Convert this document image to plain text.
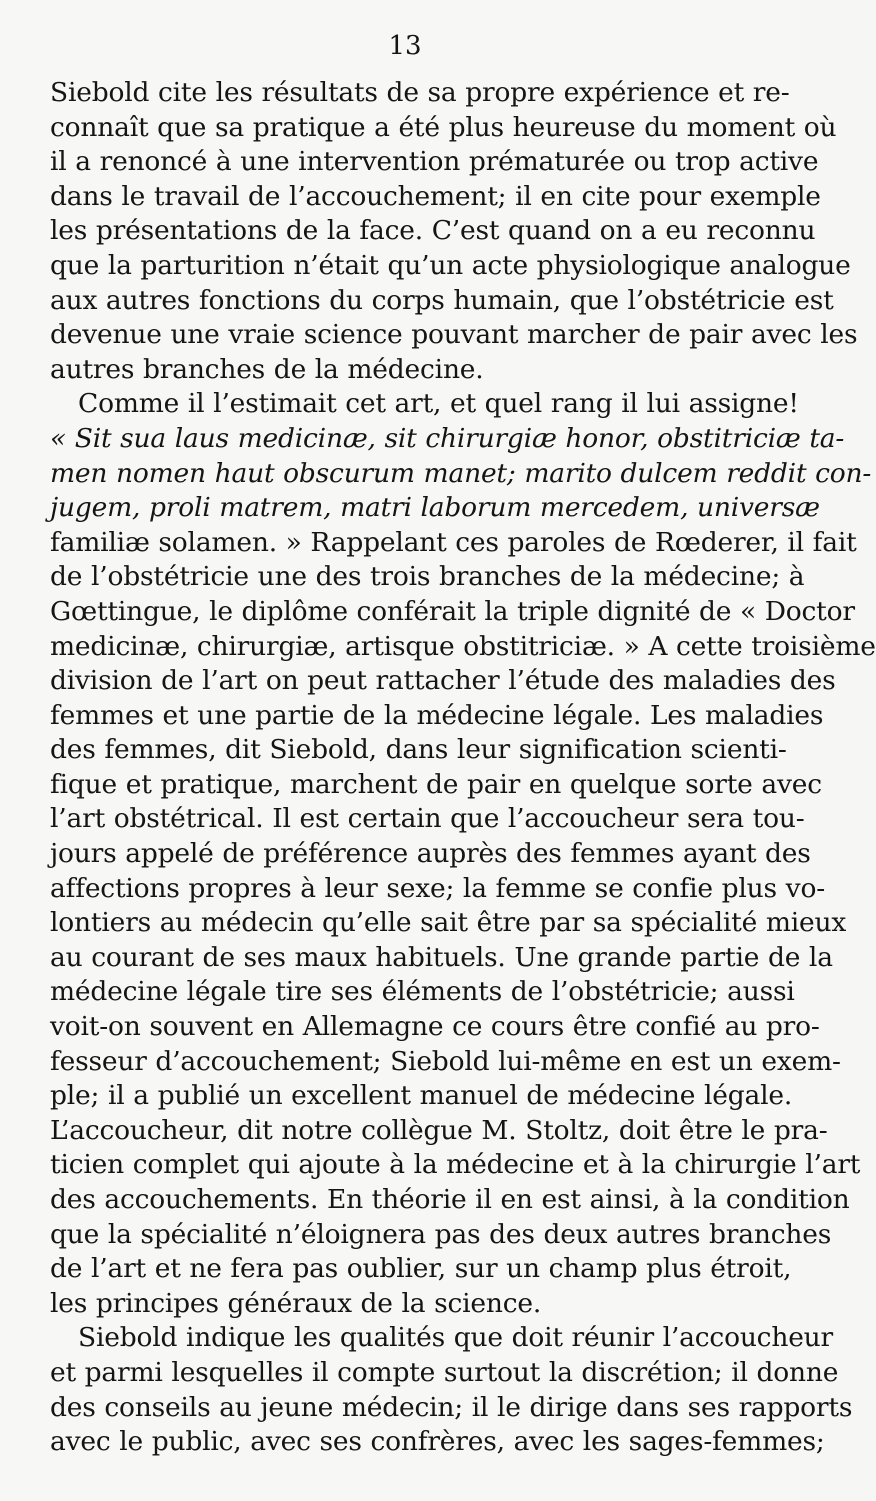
13

Siebold cite les résultats de sa propre expérience et re-
connaît que sa pratique a été plus heureuse du moment où
il a renoncé à une intervention prématurée ou trop active
dans le travail de l’accouchement; il en cite pour exemple
les présentations de la face. C’est quand on a eu reconnu
que la parturition n’était qu’un acte physiologique analogue
aux autres fonctions du corps humain, que l’obstétricie est
devenue une vraie science pouvant marcher de pair avec les
autres branches de la médecine.

Comme il l’estimait cet art, et quel rang il lui assigne!
« Sit sua laus medicinæ, sit chirurgiæ honor, obstitriciæ ta-
men nomen haut obscurum manet; marito dulcem reddit con-
jugem, proli matrem, matri laborum mercedem, universæ
familiæ solamen. » Rappelant ces paroles de Rœderer, il fait
de l’obstétricie une des trois branches de la médecine; à
Gœttingue, le diplôme conférait la triple dignité de « Doctor
medicinæ, chirurgiæ, artisque obstitriciæ. » A cette troisième
division de l’art on peut rattacher l’étude des maladies des
femmes et une partie de la médecine légale. Les maladies
des femmes, dit Siebold, dans leur signification scienti-
fique et pratique, marchent de pair en quelque sorte avec
l’art obstétrical. Il est certain que l’accoucheur sera tou-
jours appelé de préférence auprès des femmes ayant des
affections propres à leur sexe; la femme se confie plus vo-
lontiers au médecin qu’elle sait être par sa spécialité mieux
au courant de ses maux habituels. Une grande partie de la
médecine légale tire ses éléments de l’obstétricie; aussi
voit-on souvent en Allemagne ce cours être confié au pro-
fesseur d’accouchement; Siebold lui-même en est un exem-
ple; il a publié un excellent manuel de médecine légale.
L’accoucheur, dit notre collègue M. Stoltz, doit être le pra-
ticien complet qui ajoute à la médecine et à la chirurgie l’art
des accouchements. En théorie il en est ainsi, à la condition
que la spécialité n’éloignera pas des deux autres branches
de l’art et ne fera pas oublier, sur un champ plus étroit,
les principes généraux de la science.

Siebold indique les qualités que doit réunir l’accoucheur
et parmi lesquelles il compte surtout la discrétion; il donne
des conseils au jeune médecin; il le dirige dans ses rapports
avec le public, avec ses confrères, avec les sages-femmes;
